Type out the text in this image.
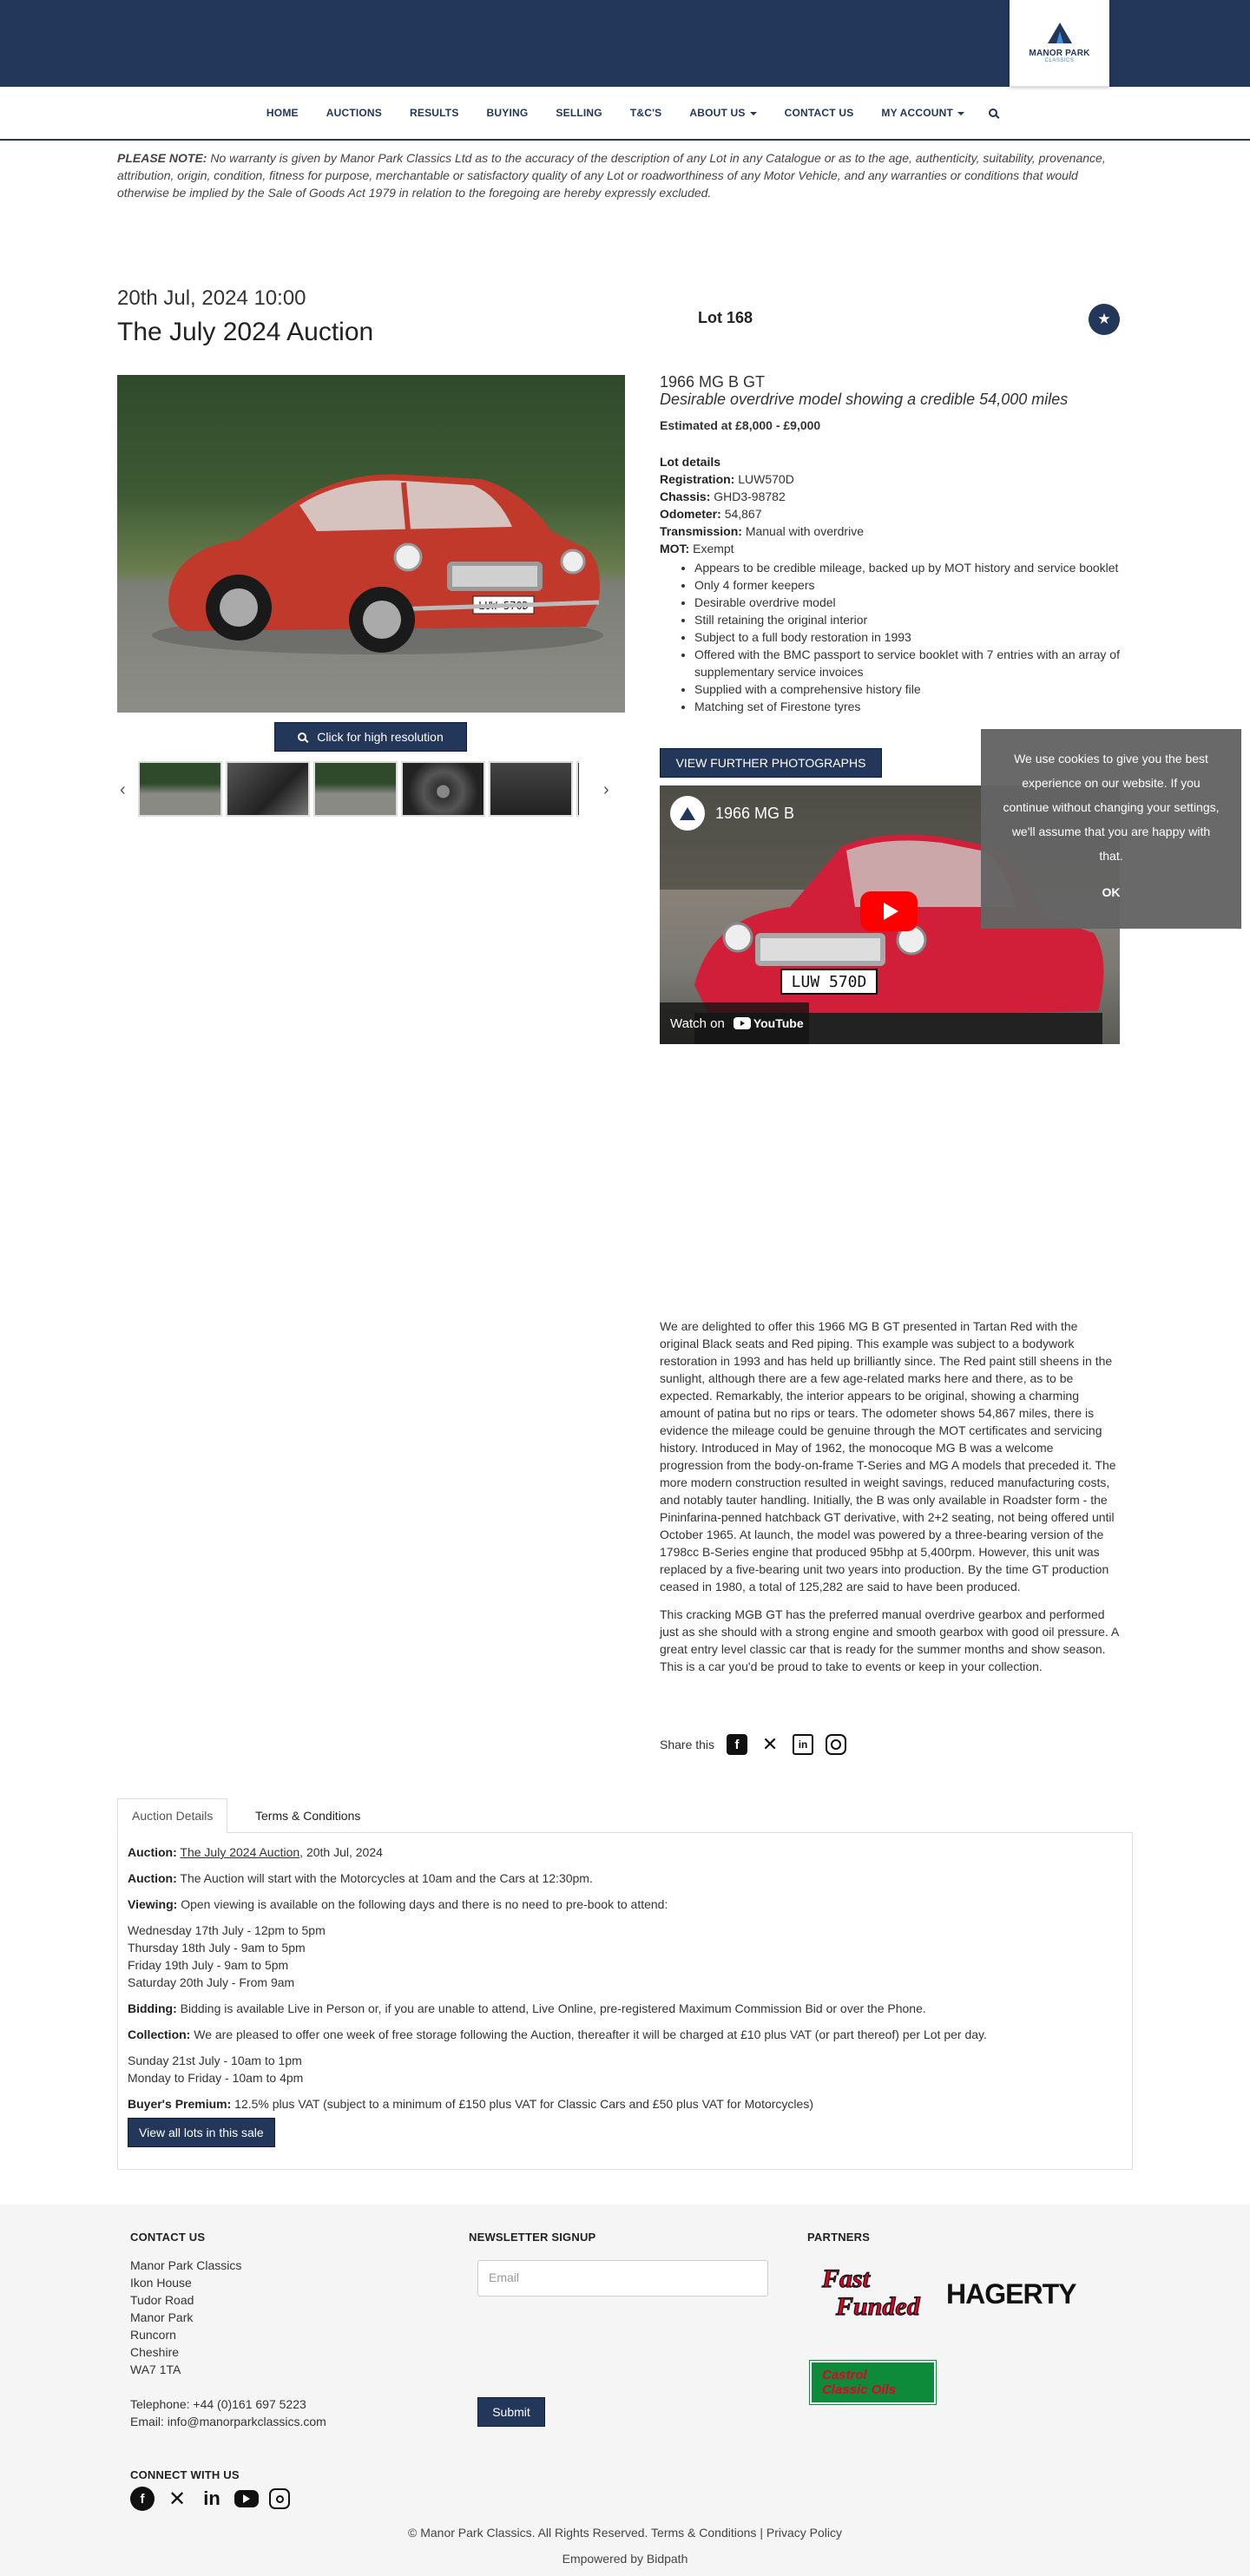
MANOR PARK
CLASSICS
HOME	AUCTIONS	RESULTS	BUYING	SELLING	T&C'S	ABOUT US	CONTACT US	MY ACCOUNT
PLEASE NOTE: No warranty is given by Manor Park Classics Ltd as to the accuracy of the description of any Lot in any Catalogue or as to the age, authenticity, suitability, provenance, attribution, origin, condition, fitness for purpose, merchantable or satisfactory quality of any Lot or roadworthiness of any Motor Vehicle, and any warranties or conditions that would otherwise be implied by the Sale of Goods Act 1979 in relation to the foregoing are hereby expressly excluded.
20th Jul, 2024 10:00
The July 2024 Auction	Lot 168	★
Click for high resolution
‹	›
1966 MG B GT
Desirable overdrive model showing a credible 54,000 miles
Estimated at £8,000 - £9,000
Lot details
Registration: LUW570D
Chassis: GHD3-98782
Odometer: 54,867
Transmission: Manual with overdrive
MOT: Exempt
• Appears to be credible mileage, backed up by MOT history and service booklet
• Only 4 former keepers
• Desirable overdrive model
• Still retaining the original interior
• Subject to a full body restoration in 1993
• Offered with the BMC passport to service booklet with 7 entries with an array of supplementary service invoices
• Supplied with a comprehensive history file
• Matching set of Firestone tyres
VIEW FURTHER PHOTOGRAPHS
LUW 570D
1966 MG B
Watch on YouTube
We use cookies to give you the best experience on our website. If you continue without changing your settings, we'll assume that you are happy with that.
OK

We are delighted to offer this 1966 MG B GT presented in Tartan Red with the original Black seats and Red piping. This example was subject to a bodywork restoration in 1993 and has held up brilliantly since. The Red paint still sheens in the sunlight, although there are a few age-related marks here and there, as to be expected. Remarkably, the interior appears to be original, showing a charming amount of patina but no rips or tears. The odometer shows 54,867 miles, there is evidence the mileage could be genuine through the MOT certificates and servicing history. Introduced in May of 1962, the monocoque MG B was a welcome progression from the body-on-frame T-Series and MG A models that preceded it. The more modern construction resulted in weight savings, reduced manufacturing costs, and notably tauter handling. Initially, the B was only available in Roadster form - the Pininfarina-penned hatchback GT derivative, with 2+2 seating, not being offered until October 1965. At launch, the model was powered by a three-bearing version of the 1798cc B-Series engine that produced 95bhp at 5,400rpm. However, this unit was replaced by a five-bearing unit two years into production. By the time GT production ceased in 1980, a total of 125,282 are said to have been produced.

This cracking MGB GT has the preferred manual overdrive gearbox and performed just as she should with a strong engine and smooth gearbox with good oil pressure. A great entry level classic car that is ready for the summer months and show season. This is a car you'd be proud to take to events or keep in your collection.

Share this	f	✕	in
Auction Details	Terms & Conditions

Auction: The July 2024 Auction, 20th Jul, 2024

Auction: The Auction will start with the Motorcycles at 10am and the Cars at 12:30pm.

Viewing: Open viewing is available on the following days and there is no need to pre-book to attend:

Wednesday 17th July - 12pm to 5pm
Thursday 18th July - 9am to 5pm
Friday 19th July - 9am to 5pm
Saturday 20th July - From 9am

Bidding: Bidding is available Live in Person or, if you are unable to attend, Live Online, pre-registered Maximum Commission Bid or over the Phone.

Collection: We are pleased to offer one week of free storage following the Auction, thereafter it will be charged at £10 plus VAT (or part thereof) per Lot per day.

Sunday 21st July - 10am to 1pm
Monday to Friday - 10am to 4pm

Buyer's Premium: 12.5% plus VAT (subject to a minimum of £150 plus VAT for Classic Cars and £50 plus VAT for Motorcycles)

View all lots in this sale
CONTACT US
Manor Park Classics
Ikon House
Tudor Road
Manor Park
Runcorn
Cheshire
WA7 1TA
Telephone: +44 (0)161 697 5223
Email: info@manorparkclassics.com
NEWSLETTER SIGNUP
Email
Submit
PARTNERS
Fast
Funded HAGERTY
Castrol
Classic Oils
CONNECT WITH US
f	✕ in
© Manor Park Classics. All Rights Reserved. Terms & Conditions | Privacy Policy
Empowered by Bidpath
